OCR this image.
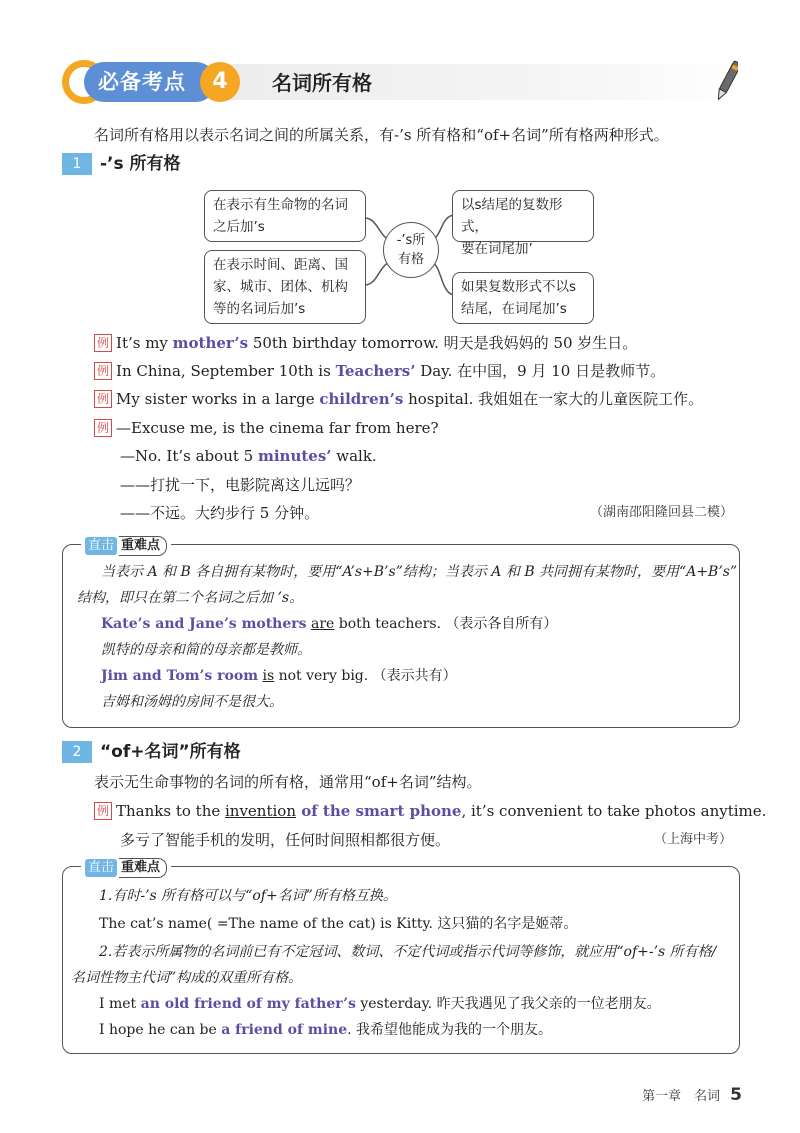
必备考点	4	名词所有格
名词所有格用以表示名词之间的所属关系，有-’s 所有格和“of+名词”所有格两种形式。
1	-’s 所有格
在表示有生命物的名词
之后加’s
在表示时间、距离、国
家、城市、团体、机构
等的名词后加’s
-’s所
有格
以s结尾的复数形式，
要在词尾加’
如果复数形式不以s
结尾，在词尾加’s
例 It’s my mother’s 50th birthday tomorrow. 明天是我妈妈的 50 岁生日。
例 In China, September 10th is Teachers’ Day. 在中国，9 月 10 日是教师节。
例 My sister works in a large children’s hospital. 我姐姐在一家大的儿童医院工作。
例 —Excuse me, is the cinema far from here?
—No. It’s about 5 minutes’ walk.
——打扰一下，电影院离这儿远吗？
——不远。大约步行 5 分钟。	（湖南邵阳隆回县二模）
直击 重难点
当表示 A 和 B 各自拥有某物时，要用“A’s+B’s”结构；当表示 A 和 B 共同拥有某物时，要用“A+B’s”
结构，即只在第二个名词之后加 ’s。
Kate’s and Jane’s mothers are both teachers. （表示各自所有）
凯特的母亲和简的母亲都是教师。
Jim and Tom’s room is not very big. （表示共有）
吉姆和汤姆的房间不是很大。
2	“of+名词”所有格
表示无生命事物的名词的所有格，通常用“of+名词”结构。
例 Thanks to the invention of the smart phone, it’s convenient to take photos anytime.
多亏了智能手机的发明，任何时间照相都很方便。	（上海中考）
直击 重难点
1.有时-’s 所有格可以与“of+名词”所有格互换。
The cat’s name( =The name of the cat) is Kitty. 这只猫的名字是姬蒂。
2.若表示所属物的名词前已有不定冠词、数词、不定代词或指示代词等修饰，就应用“of+-’s 所有格/
名词性物主代词”构成的双重所有格。
I met an old friend of my father’s yesterday. 昨天我遇见了我父亲的一位老朋友。
I hope he can be a friend of mine. 我希望他能成为我的一个朋友。
第一章　名词 5
